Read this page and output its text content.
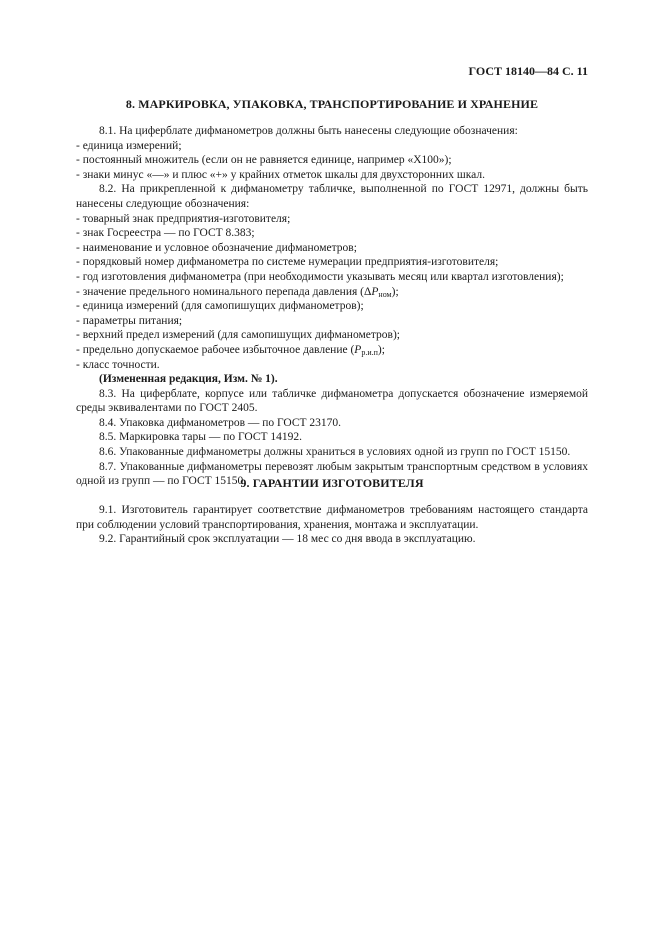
ГОСТ 18140—84 С. 11
8. МАРКИРОВКА, УПАКОВКА, ТРАНСПОРТИРОВАНИЕ И ХРАНЕНИЕ

8.1. На циферблате дифманометров должны быть нанесены следующие обозначения:

- единица измерений;

- постоянный множитель (если он не равняется единице, например «X100»);

- знаки минус «—» и плюс «+» у крайних отметок шкалы для двухсторонних шкал.

8.2. На прикрепленной к дифманометру табличке, выполненной по ГОСТ 12971, должны быть нанесены следующие обозначения:

- товарный знак предприятия-изготовителя;

- знак Госреестра — по ГОСТ 8.383;

- наименование и условное обозначение дифманометров;

- порядковый номер дифманометра по системе нумерации предприятия-изготовителя;

- год изготовления дифманометра (при необходимости указывать месяц или квартал изготовления);

- значение предельного номинального перепада давления $(\Delta P_{ном})$;

- единица измерений (для самопишущих дифманометров);

- параметры питания;

- верхний предел измерений (для самопишущих дифманометров);

- предельно допускаемое рабочее избыточное давление $(P_{р.и.п})$;

- класс точности.

(Измененная редакция, Изм. № 1).

8.3. На циферблате, корпусе или табличке дифманометра допускается обозначение измеряемой среды эквивалентами по ГОСТ 2405.

8.4. Упаковка дифманометров — по ГОСТ 23170.

8.5. Маркировка тары — по ГОСТ 14192.

8.6. Упакованные дифманометры должны храниться в условиях одной из групп по ГОСТ 15150.

8.7. Упакованные дифманометры перевозят любым закрытым транспортным средством в условиях одной из групп — по ГОСТ 15150.

9. ГАРАНТИИ ИЗГОТОВИТЕЛЯ

9.1. Изготовитель гарантирует соответствие дифманометров требованиям настоящего стандарта при соблюдении условий транспортирования, хранения, монтажа и эксплуатации.

9.2. Гарантийный срок эксплуатации — 18 мес со дня ввода в эксплуатацию.
